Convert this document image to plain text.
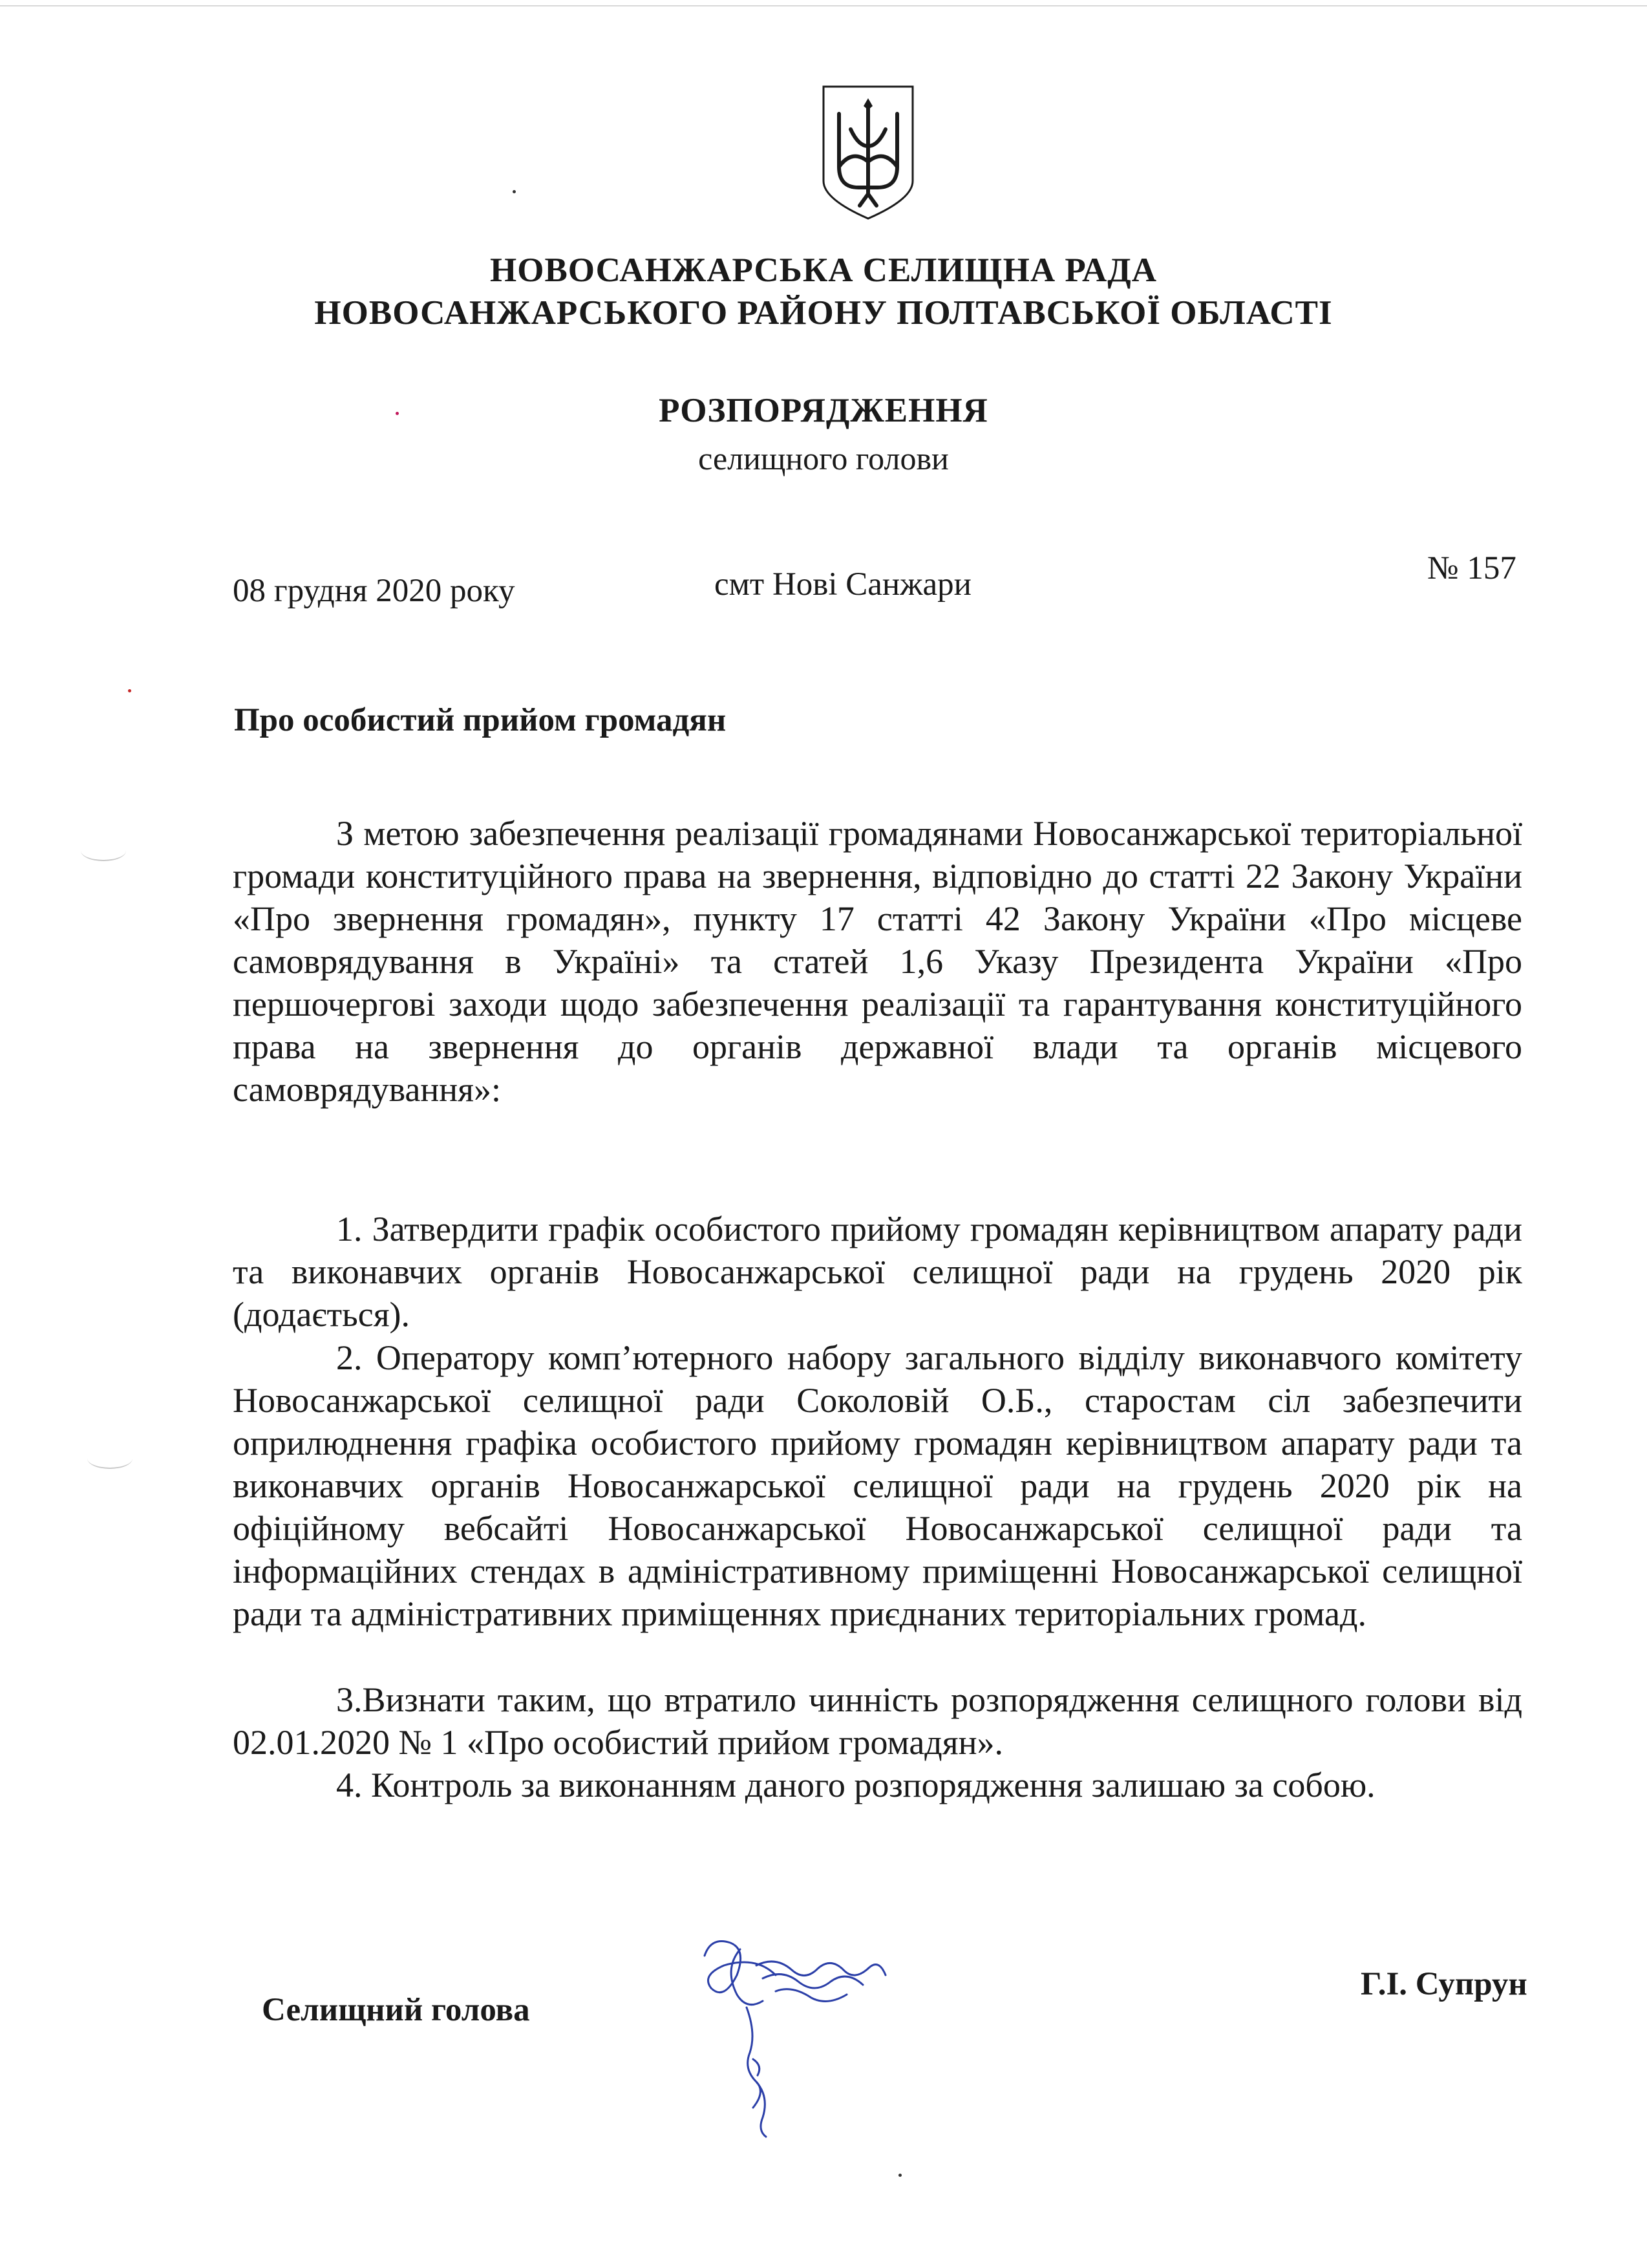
НОВОСАНЖАРСЬКА СЕЛИЩНА РАДА
НОВОСАНЖАРСЬКОГО РАЙОНУ ПОЛТАВСЬКОЇ ОБЛАСТІ
РОЗПОРЯДЖЕННЯ
селищного голови
08 грудня 2020 року	смт Нові Санжари	№ 157
Про особистий прийом громадян
З метою забезпечення реалізації громадянами Новосанжарської територіальної громади конституційного права на звернення, відповідно до статті 22 Закону України «Про звернення громадян», пункту 17 статті 42 Закону України «Про місцеве самоврядування в Україні» та статей 1,6 Указу Президента України «Про першочергові заходи щодо забезпечення реалізації та гарантування конституційного права на звернення до органів державної влади та органів місцевого самоврядування»:
1. Затвердити графік особистого прийому громадян керівництвом апарату ради та виконавчих органів Новосанжарської селищної ради на грудень 2020 рік (додається).
2. Оператору комп’ютерного набору загального відділу виконавчого комітету Новосанжарської селищної ради Соколовій О.Б., старостам сіл забезпечити оприлюднення графіка особистого прийому громадян керівництвом апарату ради та виконавчих органів Новосанжарської селищної ради на грудень 2020 рік на офіційному вебсайті Новосанжарської Новосанжарської селищної ради та інформаційних стендах в адміністративному приміщенні Новосанжарської селищної ради та адміністративних приміщеннях приєднаних територіальних громад.
3.Визнати таким, що втратило чинність розпорядження селищного голови від 02.01.2020 № 1 «Про особистий прийом громадян».
4. Контроль за виконанням даного розпорядження залишаю за собою.
Селищний голова
Г.І. Супрун
